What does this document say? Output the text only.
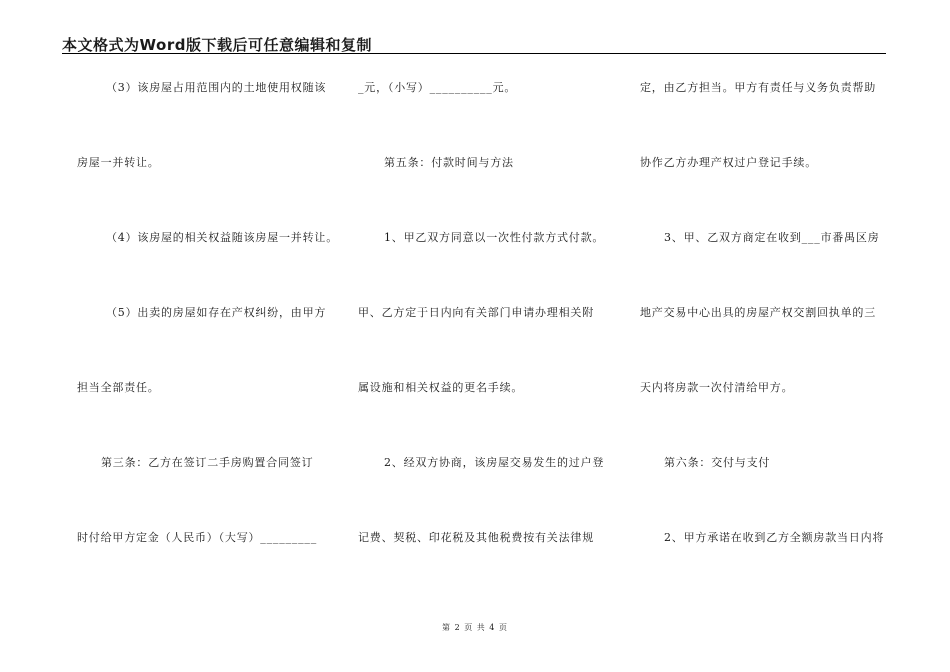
本文格式为Word版下载后可任意编辑和复制
（3）该房屋占用范围内的土地使用权随该
房屋一并转让。
（4）该房屋的相关权益随该房屋一并转让。
（5）出卖的房屋如存在产权纠纷，由甲方
担当全部责任。
第三条：乙方在签订二手房购置合同签订
时付给甲方定金（人民币）（大写）_________
_元，（小写）__________元。
第五条：付款时间与方法
1、甲乙双方同意以一次性付款方式付款。
甲、乙方定于日内向有关部门申请办理相关附
属设施和相关权益的更名手续。
2、经双方协商，该房屋交易发生的过户登
记费、契税、印花税及其他税费按有关法律规
定，由乙方担当。甲方有责任与义务负责帮助
协作乙方办理产权过户登记手续。
3、甲、乙双方商定在收到___市番禺区房
地产交易中心出具的房屋产权交割回执单的三
天内将房款一次付清给甲方。
第六条：交付与支付
2、甲方承诺在收到乙方全额房款当日内将
第 2 页 共 4 页
